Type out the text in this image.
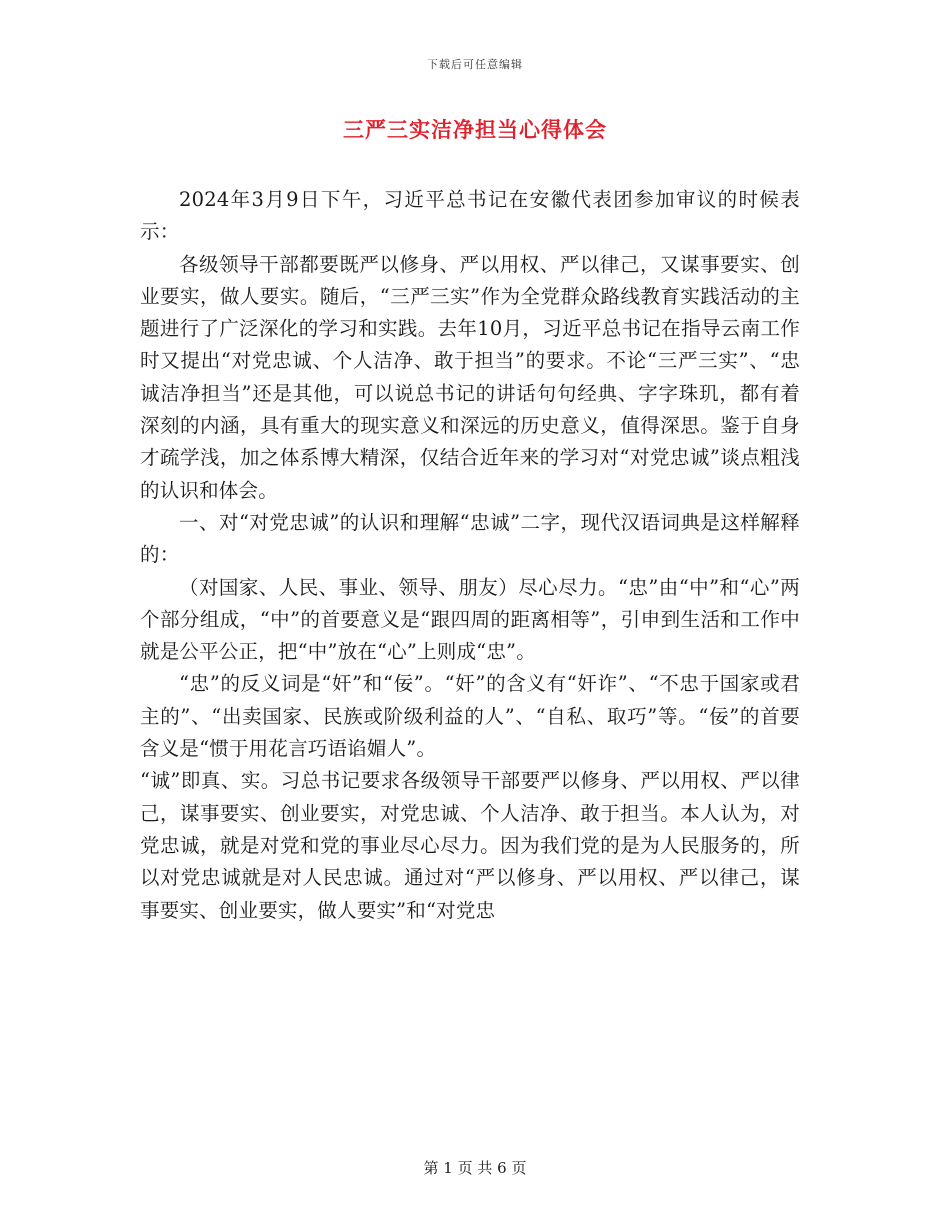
下载后可任意编辑
三严三实洁净担当心得体会

2024年3月9日下午，习近平总书记在安徽代表团参加审议的时候表示：

各级领导干部都要既严以修身、严以用权、严以律己，又谋事要实、创业要实，做人要实。随后，“三严三实”作为全党群众路线教育实践活动的主题进行了广泛深化的学习和实践。去年10月，习近平总书记在指导云南工作时又提出“对党忠诚、个人洁净、敢于担当”的要求。不论“三严三实”、“忠诚洁净担当”还是其他，可以说总书记的讲话句句经典、字字珠玑，都有着深刻的内涵，具有重大的现实意义和深远的历史意义，值得深思。鉴于自身才疏学浅，加之体系博大精深，仅结合近年来的学习对“对党忠诚”谈点粗浅的认识和体会。

一、对“对党忠诚”的认识和理解“忠诚”二字，现代汉语词典是这样解释的：

（对国家、人民、事业、领导、朋友）尽心尽力。“忠”由“中”和“心”两个部分组成，“中”的首要意义是“跟四周的距离相等”，引申到生活和工作中就是公平公正，把“中”放在“心”上则成“忠”。

“忠”的反义词是“奸”和“佞”。“奸”的含义有“奸诈”、“不忠于国家或君主的”、“出卖国家、民族或阶级利益的人”、“自私、取巧”等。“佞”的首要含义是“惯于用花言巧语谄媚人”。

“诚”即真、实。习总书记要求各级领导干部要严以修身、严以用权、严以律己，谋事要实、创业要实，对党忠诚、个人洁净、敢于担当。本人认为，对党忠诚，就是对党和党的事业尽心尽力。因为我们党的是为人民服务的，所以对党忠诚就是对人民忠诚。通过对“严以修身、严以用权、严以律己，谋事要实、创业要实，做人要实”和“对党忠

第 1 页 共 6 页
